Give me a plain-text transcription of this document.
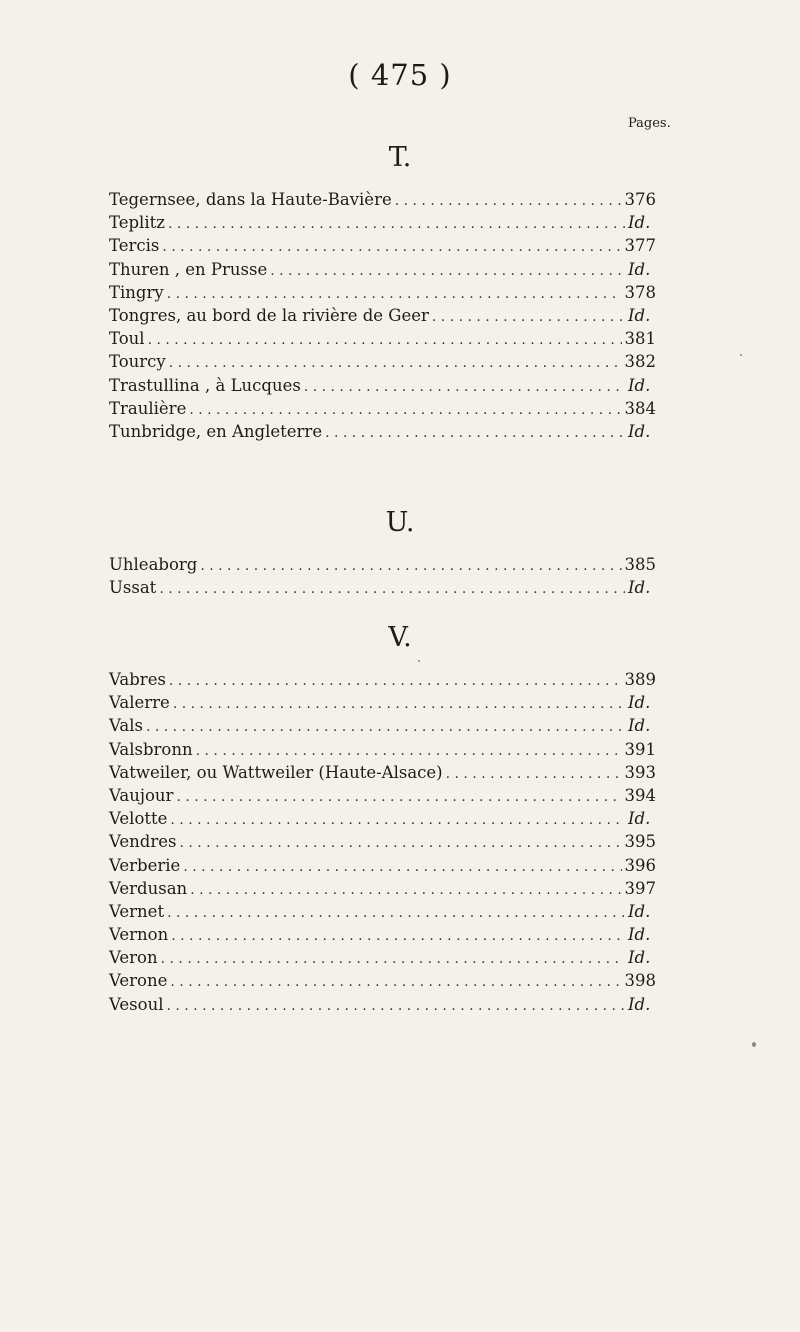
( 475 )
Pages.
T.
Tegernsee, dans la Haute-Bavière . . .	376
Teplitz . . .	Id.
Tercis . . .	377
Thuren , en Prusse . . .	Id.
Tingry . . .	378
Tongres, au bord de la rivière de Geer . . .	Id.
Toul . . .	381
Tourcy . . .	382
Trastullina , à Lucques . . .	Id.
Traulière . . .	384
Tunbridge, en Angleterre . . .	Id.
U.
Uhleaborg . . .	385
Ussat . . .	Id.
V.
Vabres . . .	389
Valerre . . .	Id.
Vals . . .	Id.
Valsbronn . . .	391
Vatweiler, ou Wattweiler (Haute-Alsace) . . .	393
Vaujour . . .	394
Velotte . . .	Id.
Vendres . . .	395
Verberie . . .	396
Verdusan . . .	397
Vernet . . .	Id.
Vernon . . .	Id.
Veron . . .	Id.
Verone . . .	398
Vesoul . . .	Id.
